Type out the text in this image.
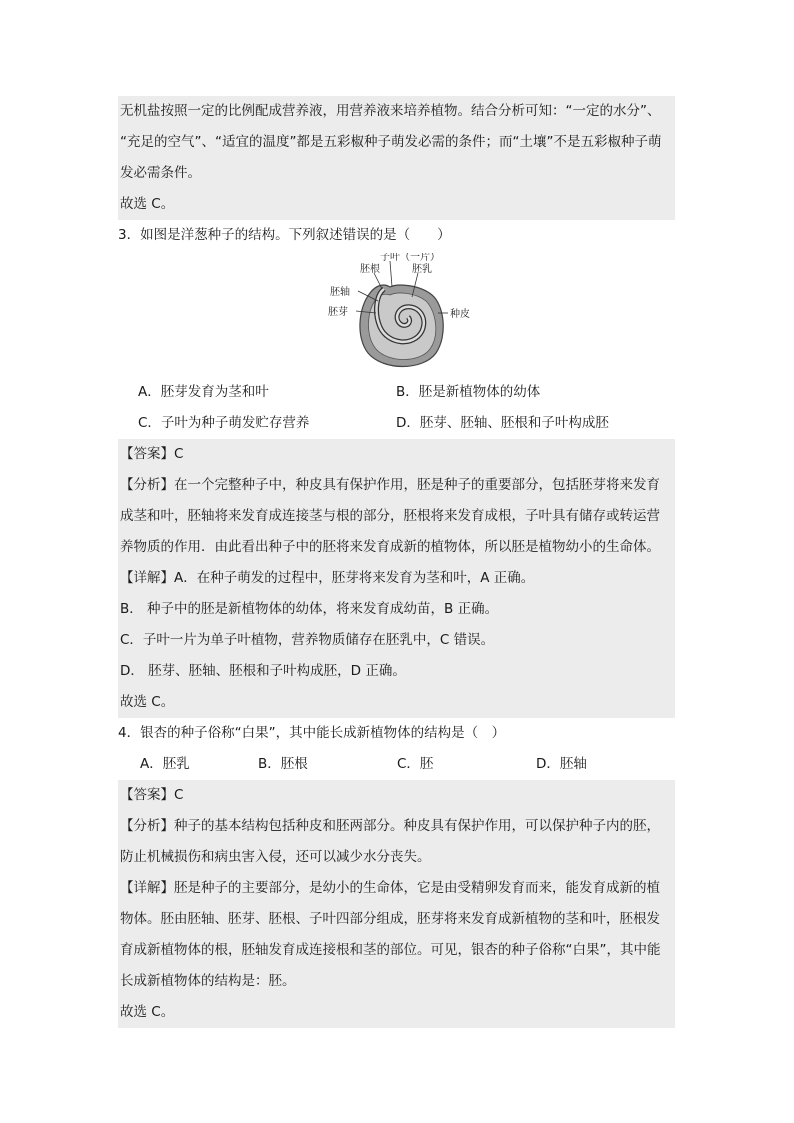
无机盐按照一定的比例配成营养液，用营养液来培养植物。结合分析可知：“一定的水分”、
“充足的空气”、“适宜的温度”都是五彩椒种子萌发必需的条件；而“土壤”不是五彩椒种子萌
发必需条件。
故选 C。
3．如图是洋葱种子的结构。下列叙述错误的是（　　）
子叶（一片）
胚根	胚乳
胚轴
胚芽	种皮
A．胚芽发育为茎和叶	B．胚是新植物体的幼体
C．子叶为种子萌发贮存营养	D．胚芽、胚轴、胚根和子叶构成胚
【答案】C
【分析】在一个完整种子中，种皮具有保护作用，胚是种子的重要部分，包括胚芽将来发育
成茎和叶，胚轴将来发育成连接茎与根的部分，胚根将来发育成根，子叶具有储存或转运营
养物质的作用．由此看出种子中的胚将来发育成新的植物体，所以胚是植物幼小的生命体。
【详解】A．在种子萌发的过程中，胚芽将来发育为茎和叶，A 正确。
B． 种子中的胚是新植物体的幼体，将来发育成幼苗，B 正确。
C．子叶一片为单子叶植物，营养物质储存在胚乳中，C 错误。
D． 胚芽、胚轴、胚根和子叶构成胚，D 正确。
故选 C。
4．银杏的种子俗称“白果”，其中能长成新植物体的结构是（　）
A．胚乳	B．胚根	C．胚	D．胚轴
【答案】C
【分析】种子的基本结构包括种皮和胚两部分。种皮具有保护作用，可以保护种子内的胚，
防止机械损伤和病虫害入侵，还可以减少水分丧失。
【详解】胚是种子的主要部分，是幼小的生命体，它是由受精卵发育而来，能发育成新的植
物体。胚由胚轴、胚芽、胚根、子叶四部分组成，胚芽将来发育成新植物的茎和叶，胚根发
育成新植物体的根，胚轴发育成连接根和茎的部位。可见，银杏的种子俗称“白果”，其中能
长成新植物体的结构是：胚。
故选 C。
